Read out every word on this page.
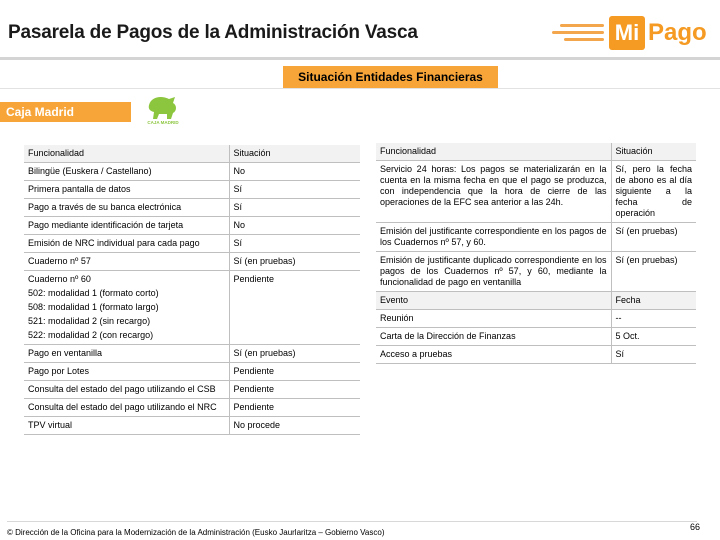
Pasarela de Pagos de la Administración Vasca	Mi Pago
Situación Entidades Financieras
Caja Madrid
CAJA MADRID
Funcionalidad	Situación
Bilingüe (Euskera / Castellano)	No
Primera pantalla de datos	Sí
Pago a través de su banca electrónica	Sí
Pago mediante identificación de tarjeta	No
Emisión de NRC individual para cada pago	Sí
Cuaderno nº 57	Sí (en pruebas)

Cuaderno nº 60
502: modalidad 1 (formato corto)
508: modalidad 1 (formato largo)
521: modalidad 2 (sin recargo)
522: modalidad 2 (con recargo)	Pendiente
Pago en ventanilla	Sí (en pruebas)
Pago por Lotes	Pendiente
Consulta del estado del pago utilizando el CSB	Pendiente
Consulta del estado del pago utilizando el NRC	Pendiente
TPV virtual	No procede
Funcionalidad	Situación
Servicio 24 horas: Los pagos se materializarán en la cuenta en la misma fecha en que el pago se produzca, con independencia que la hora de cierre de las operaciones de la EFC sea anterior a las 24h.	Sí, pero la fecha de abono es al día siguiente a la fecha de operación
Emisión del justificante correspondiente en los pagos de los Cuadernos nº 57, y 60.	Sí (en pruebas)
Emisión de justificante duplicado correspondiente en los pagos de los Cuadernos nº 57, y 60, mediante la funcionalidad de pago en ventanilla	Sí (en pruebas)
Evento	Fecha
Reunión	--
Carta de la Dirección de Finanzas	5 Oct.
Acceso a pruebas	Sí
© Dirección de la Oficina para la Modernización de la Administración (Eusko Jaurlaritza – Gobierno Vasco)
66
